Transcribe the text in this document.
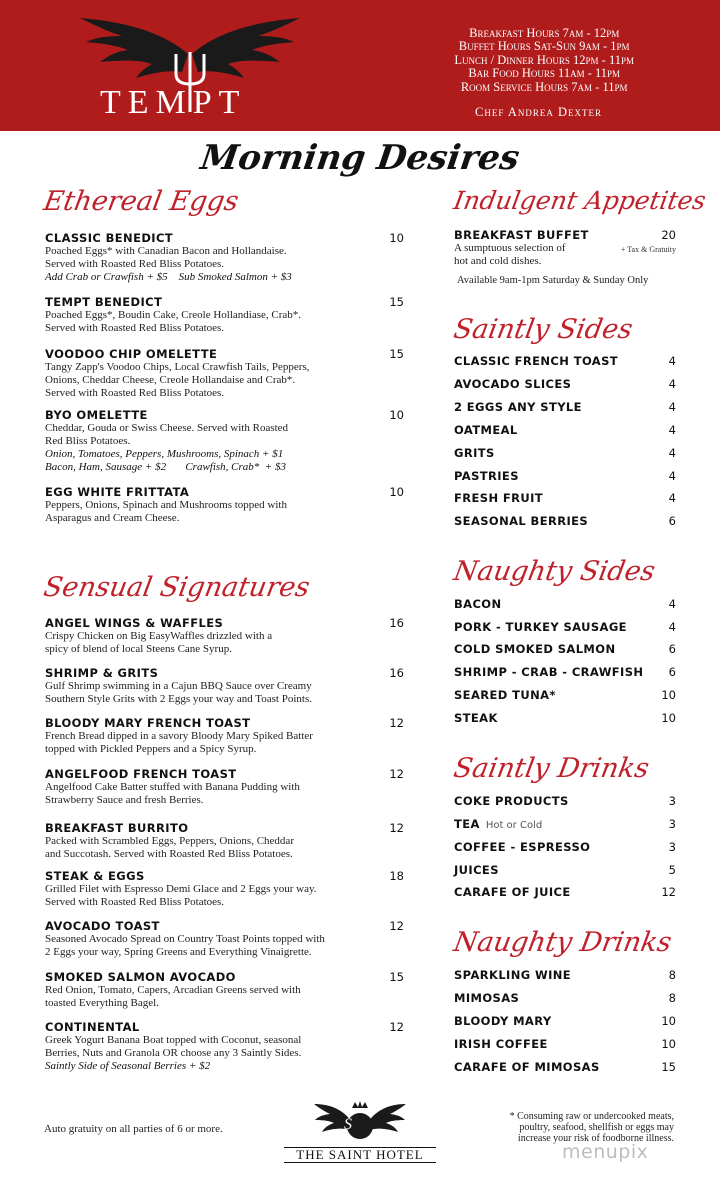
TEMPT
Breakfast Hours 7am - 12pm
Buffet Hours Sat-Sun 9am - 1pm
Lunch / Dinner Hours 12pm - 11pm
Bar Food Hours 11am - 11pm
Room Service Hours 7am - 11pm
Chef Andrea Dexter
Morning Desires
Ethereal Eggs
Sensual Signatures
CLASSIC BENEDICT
Poached Eggs* with Canadian Bacon and Hollandaise.
Served with Roasted Red Bliss Potatoes.
Add Crab or Crawfish + $5    Sub Smoked Salmon + $3
10
TEMPT BENEDICT
Poached Eggs*, Boudin Cake, Creole Hollandiase, Crab*.
Served with Roasted Red Bliss Potatoes.
15
VOODOO CHIP OMELETTE
Tangy Zapp's Voodoo Chips, Local Crawfish Tails, Peppers,
Onions, Cheddar Cheese, Creole Hollandaise and Crab*.
Served with Roasted Red Bliss Potatoes.
15
BYO OMELETTE
Cheddar, Gouda or Swiss Cheese. Served with Roasted
Red Bliss Potatoes.
Onion, Tomatoes, Peppers, Mushrooms, Spinach + $1
Bacon, Ham, Sausage + $2       Crawfish, Crab*  + $3
10
EGG WHITE FRITTATA
Peppers, Onions, Spinach and Mushrooms topped with
Asparagus and Cream Cheese.
10
ANGEL WINGS & WAFFLES
Crispy Chicken on Big EasyWaffles drizzled with a
spicy of blend of local Steens Cane Syrup.
16
SHRIMP & GRITS
Gulf Shrimp swimming in a Cajun BBQ Sauce over Creamy
Southern Style Grits with 2 Eggs your way and Toast Points.
16
BLOODY MARY FRENCH TOAST
French Bread dipped in a savory Bloody Mary Spiked Batter
topped with Pickled Peppers and a Spicy Syrup.
12
ANGELFOOD FRENCH TOAST
Angelfood Cake Batter stuffed with Banana Pudding with
Strawberry Sauce and fresh Berries.
12
BREAKFAST BURRITO
Packed with Scrambled Eggs, Peppers, Onions, Cheddar
and Succotash. Served with Roasted Red Bliss Potatoes.
12
STEAK & EGGS
Grilled Filet with Espresso Demi Glace and 2 Eggs your way.
Served with Roasted Red Bliss Potatoes.
18
AVOCADO TOAST
Seasoned Avocado Spread on Country Toast Points topped with
2 Eggs your way, Spring Greens and Everything Vinaigrette.
12
SMOKED SALMON AVOCADO
Red Onion, Tomato, Capers, Arcadian Greens served with
toasted Everything Bagel.
15
CONTINENTAL
Greek Yogurt Banana Boat topped with Coconut, seasonal
Berries, Nuts and Granola OR choose any 3 Saintly Sides.
Saintly Side of Seasonal Berries + $2
12
Indulgent Appetites
BREAKFAST BUFFET
A sumptuous selection of
hot and cold dishes.
20
+ Tax & Gratuity
Available 9am-1pm Saturday & Sunday Only
Saintly Sides
CLASSIC FRENCH TOAST	4
AVOCADO SLICES	4
2 EGGS ANY STYLE	4
OATMEAL	4
GRITS	4
PASTRIES	4
FRESH FRUIT	4
SEASONAL BERRIES	6
Naughty Sides
BACON	4
PORK - TURKEY SAUSAGE	4
COLD SMOKED SALMON	6
SHRIMP - CRAB - CRAWFISH 6
SEARED TUNA*	10
STEAK	10
Saintly Drinks
COKE PRODUCTS	3
TEA Hot or Cold	3
COFFEE - ESPRESSO	3
JUICES	5
CARAFE OF JUICE	12
Naughty Drinks
SPARKLING WINE	8
MIMOSAS	8
BLOODY MARY	10
IRISH COFFEE	10
CARAFE OF MIMOSAS	15
Auto gratuity on all parties of 6 or more.	S
THE SAINT HOTEL
* Consuming raw or undercooked meats,
poultry, seafood, shellfish or eggs may
increase your risk of foodborne illness.
menupix
